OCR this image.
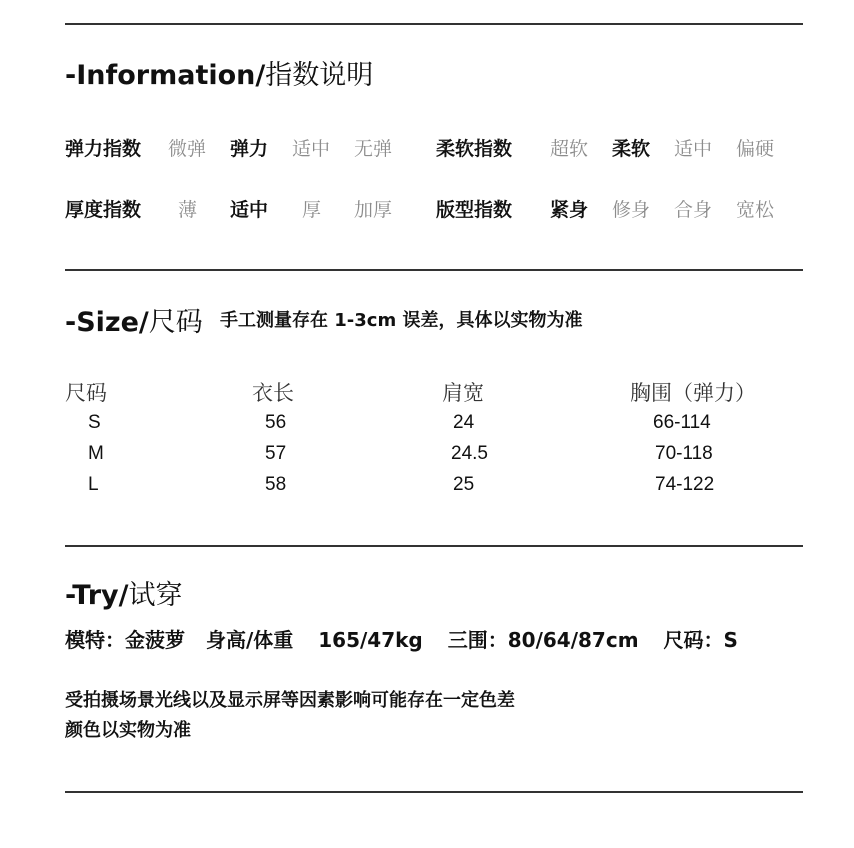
-Information/指数说明
弹力指数 微弹 弹力 适中 无弹 柔软指数 超软 柔软 适中 偏硬
厚度指数 薄 适中 厚 加厚 版型指数 紧身 修身 合身 宽松
-Size/尺码 手工测量存在 1-3cm 误差，具体以实物为准
尺码	衣长	肩宽	胸围（弹力）
S	56	24	66-114
M	57	24.5	70-118
L	58	25	74-122
-Try/试穿
模特：金菠萝 身高/体重 165/47kg 三围：80/64/87cm 尺码：S
受拍摄场景光线以及显示屏等因素影响可能存在一定色差
颜色以实物为准
